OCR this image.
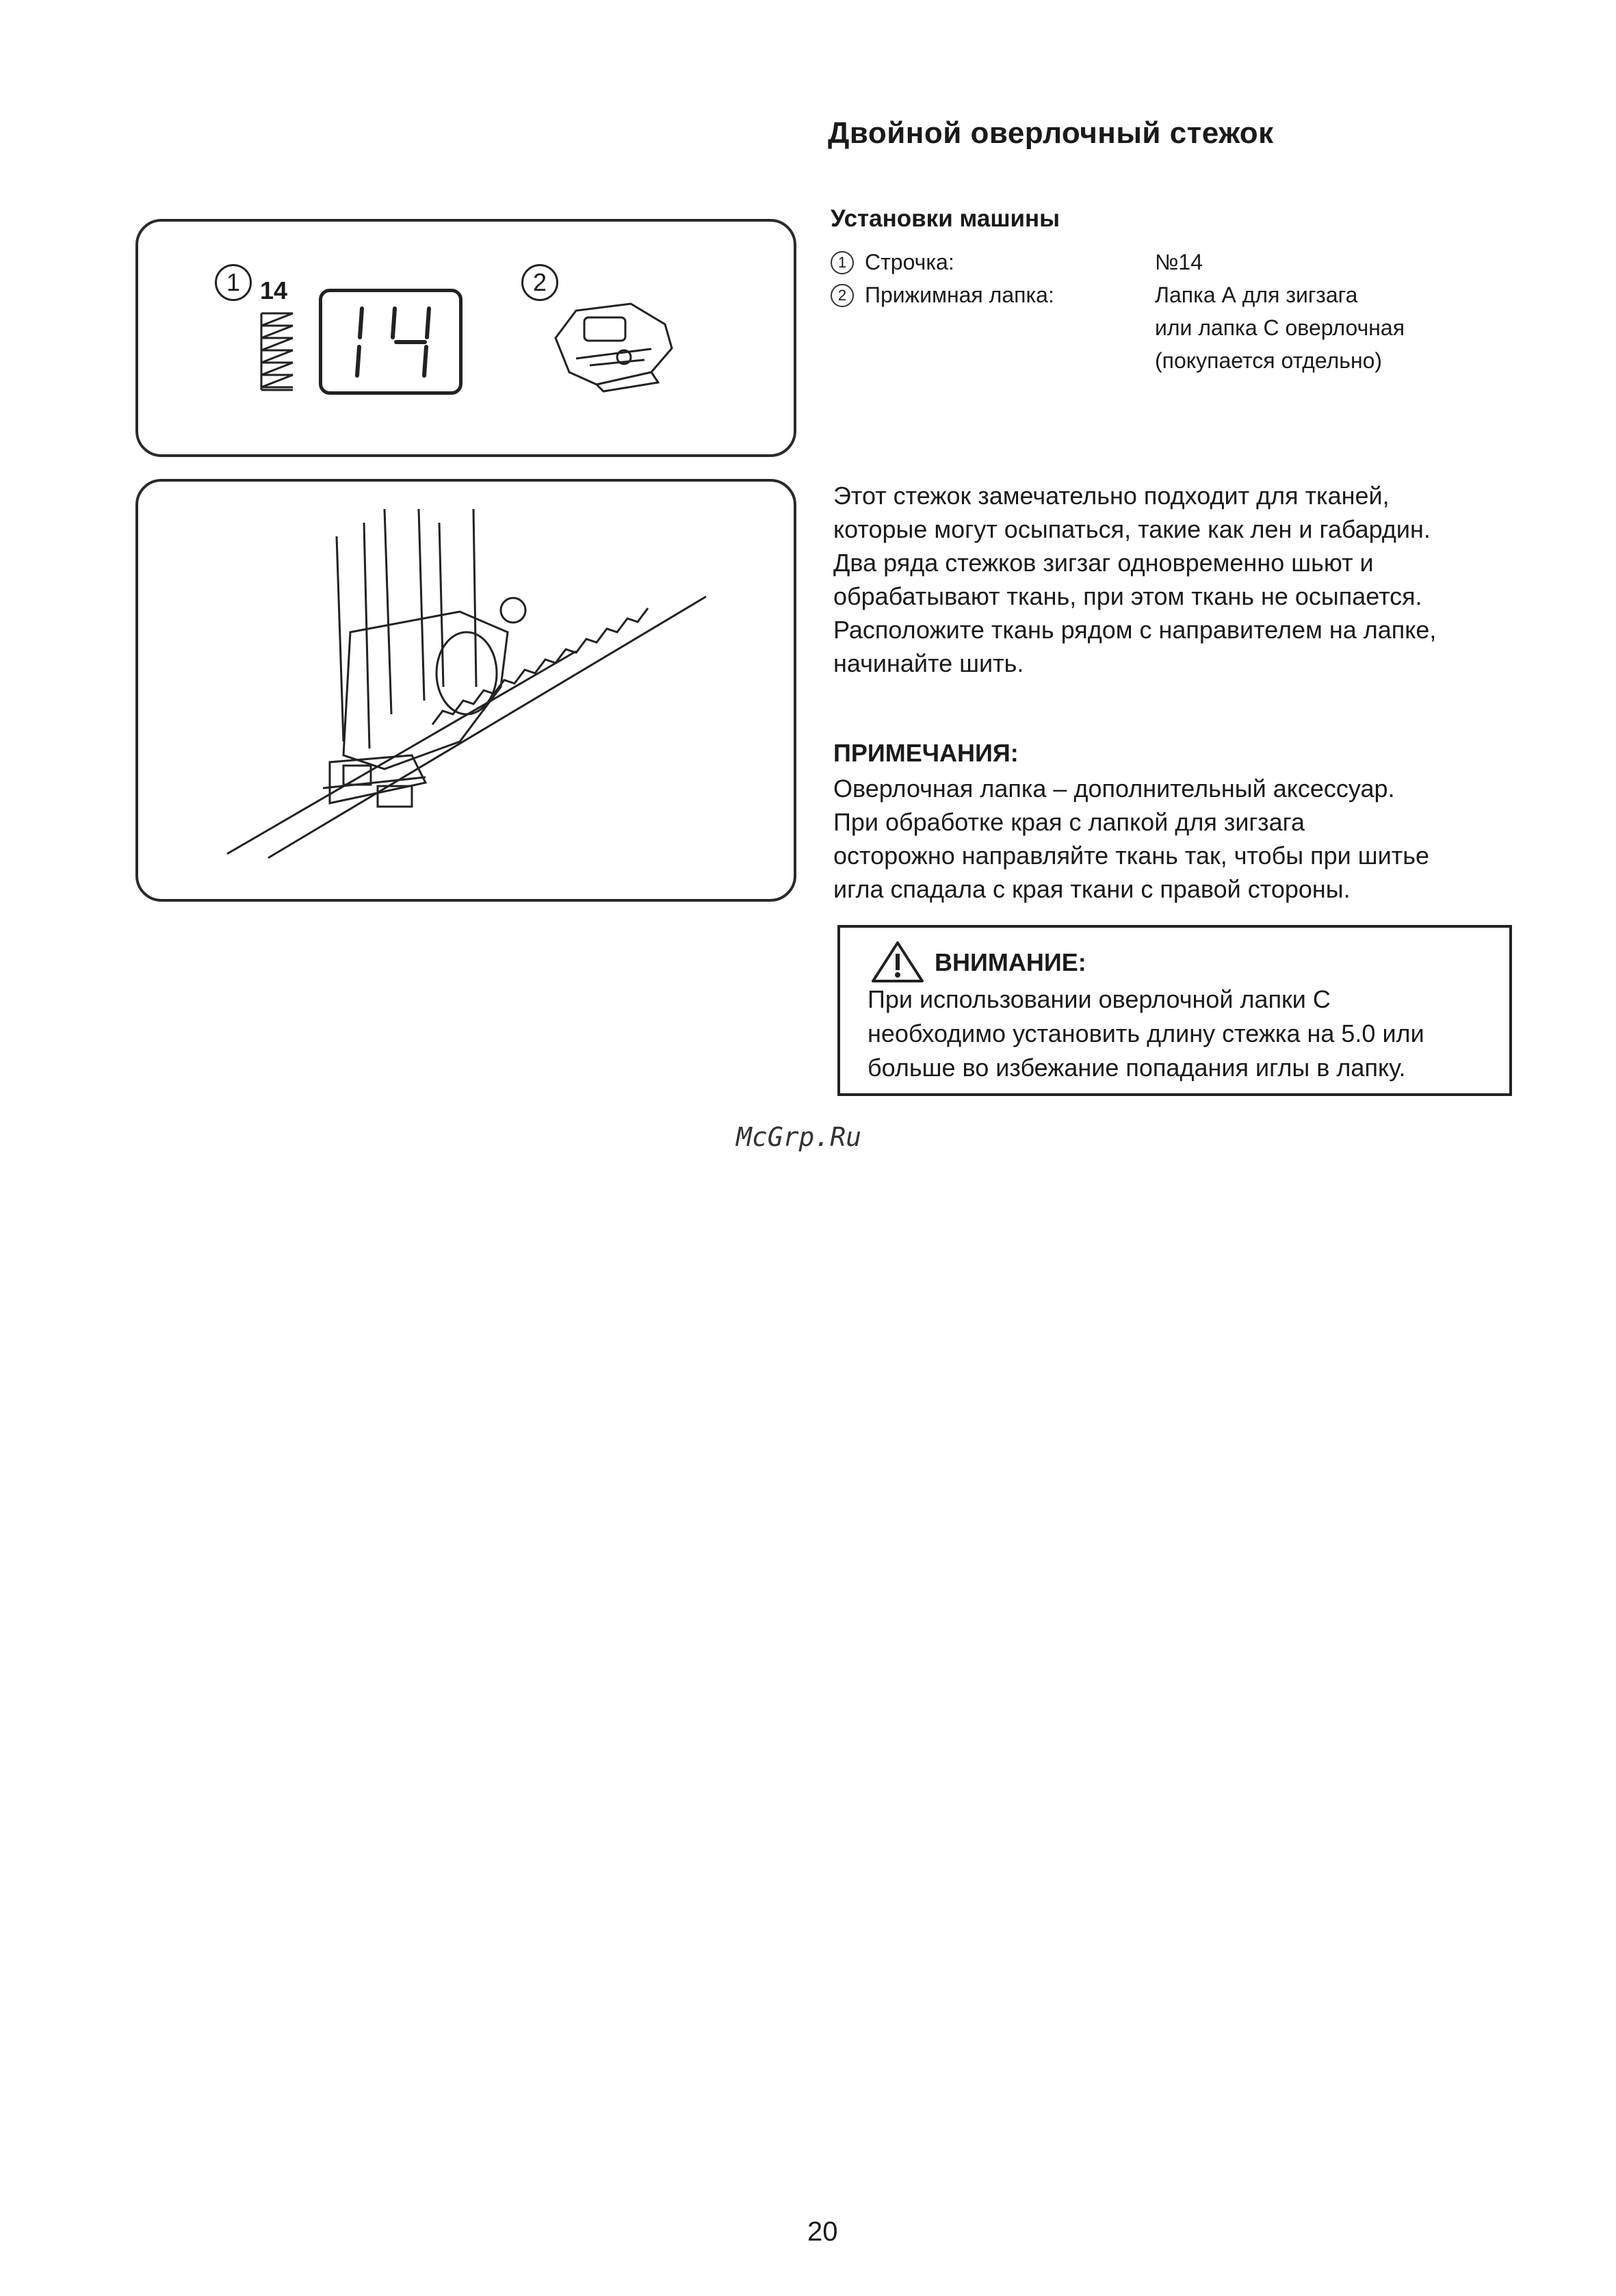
1 14	2
Двойной оверлочный стежок
Установки машины
1 Строчка:	№14
2 Прижимная лапка:	Лапка А для зигзага
или лапка С оверлочная
(покупается отдельно)
Этот стежок замечательно подходит для тканей,
которые могут осыпаться, такие как лен и габардин.
Два ряда стежков зигзаг одновременно шьют и
обрабатывают ткань, при этом ткань не осыпается.
Расположите ткань рядом с направителем на лапке,
начинайте шить.
ПРИМЕЧАНИЯ:
Оверлочная лапка – дополнительный аксессуар.
При обработке края с лапкой для зигзага
осторожно направляйте ткань так, чтобы при шитье
игла спадала с края ткани с правой стороны.
ВНИМАНИЕ:
При использовании оверлочной лапки С
необходимо установить длину стежка на 5.0 или
больше во избежание попадания иглы в лапку.
McGrp.Ru
20
